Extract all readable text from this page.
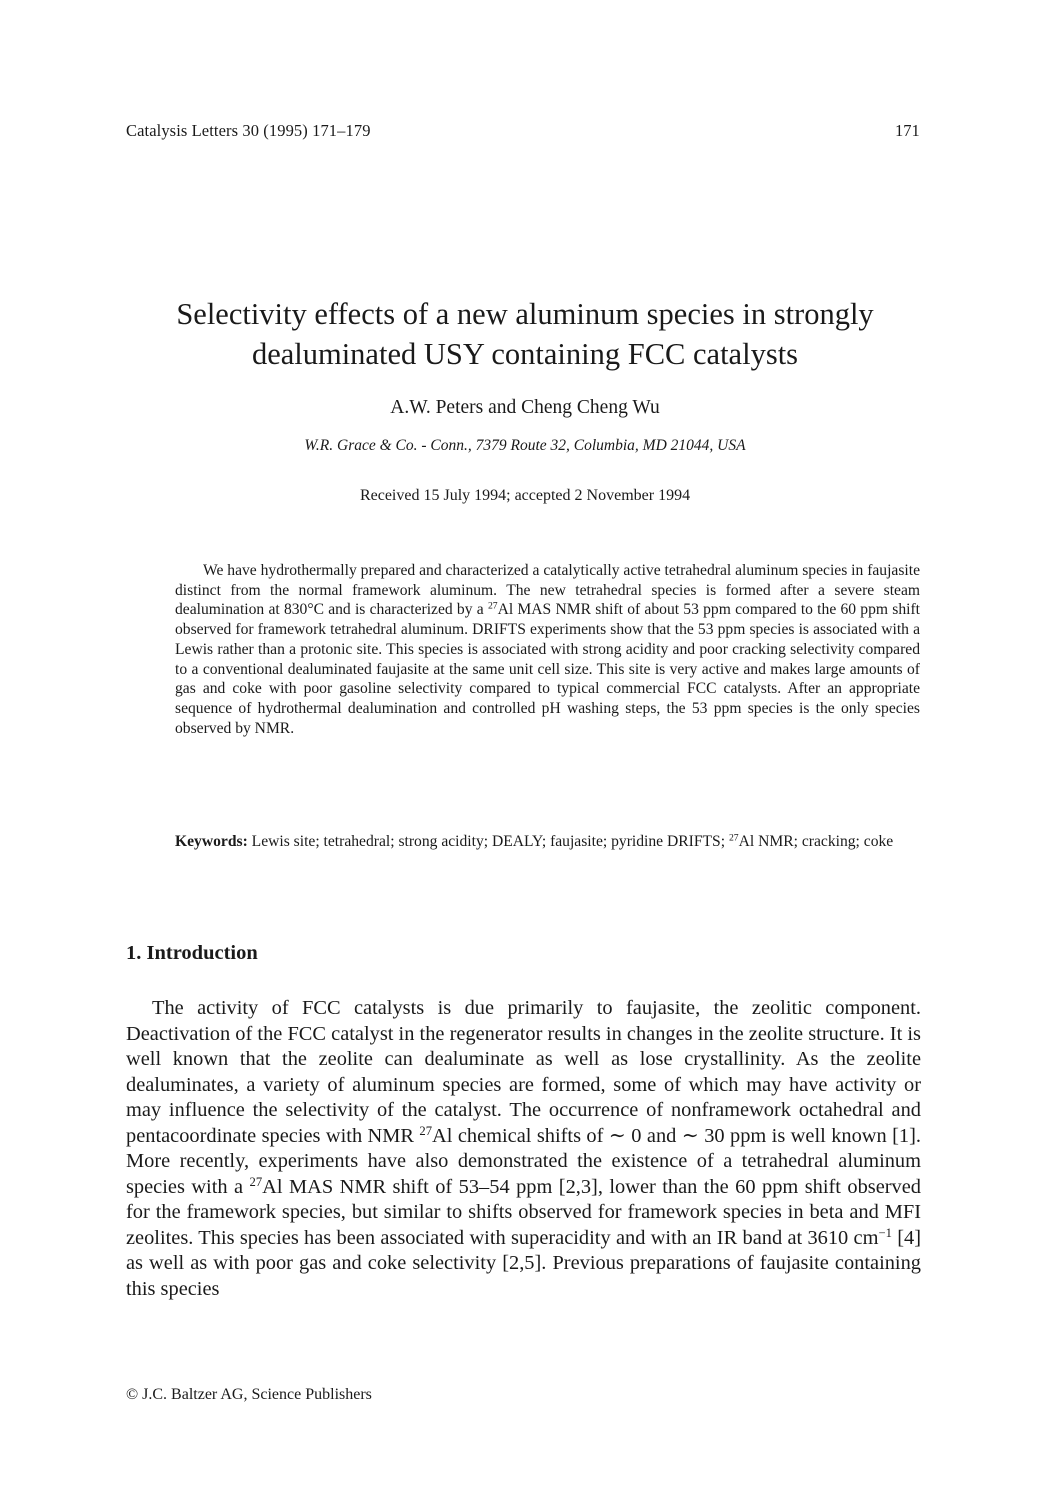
Catalysis Letters 30 (1995) 171–179	171
Selectivity effects of a new aluminum species in strongly
dealuminated USY containing FCC catalysts
A.W. Peters and Cheng Cheng Wu
W.R. Grace & Co. - Conn., 7379 Route 32, Columbia, MD 21044, USA
Received 15 July 1994; accepted 2 November 1994

We have hydrothermally prepared and characterized a catalytically active tetrahedral aluminum species in faujasite distinct from the normal framework aluminum. The new tetrahedral species is formed after a severe steam dealumination at 830°C and is characterized by a $^{27}$Al MAS NMR shift of about 53 ppm compared to the 60 ppm shift observed for framework tetrahedral aluminum. DRIFTS experiments show that the 53 ppm species is associated with a Lewis rather than a protonic site. This species is associated with strong acidity and poor cracking selectivity compared to a conventional dealuminated faujasite at the same unit cell size. This site is very active and makes large amounts of gas and coke with poor gasoline selectivity compared to typical commercial FCC catalysts. After an appropriate sequence of hydrothermal dealumination and controlled pH washing steps, the 53 ppm species is the only species observed by NMR.

Keywords: Lewis site; tetrahedral; strong acidity; DEALY; faujasite; pyridine DRIFTS; $^{27}$Al NMR; cracking; coke

1. Introduction

The activity of FCC catalysts is due primarily to faujasite, the zeolitic component. Deactivation of the FCC catalyst in the regenerator results in changes in the zeolite structure. It is well known that the zeolite can dealuminate as well as lose crystallinity. As the zeolite dealuminates, a variety of aluminum species are formed, some of which may have activity or may influence the selectivity of the catalyst. The occurrence of nonframework octahedral and pentacoordinate species with NMR $^{27}$Al chemical shifts of ∼ 0 and ∼ 30 ppm is well known [1]. More recently, experiments have also demonstrated the existence of a tetrahedral aluminum species with a $^{27}$Al MAS NMR shift of 53–54 ppm [2,3], lower than the 60 ppm shift observed for the framework species, but similar to shifts observed for framework species in beta and MFI zeolites. This species has been associated with superacidity and with an IR band at 3610 $cm^{-1}$ [4] as well as with poor gas and coke selectivity [2,5]. Previous preparations of faujasite containing this species

© J.C. Baltzer AG, Science Publishers
